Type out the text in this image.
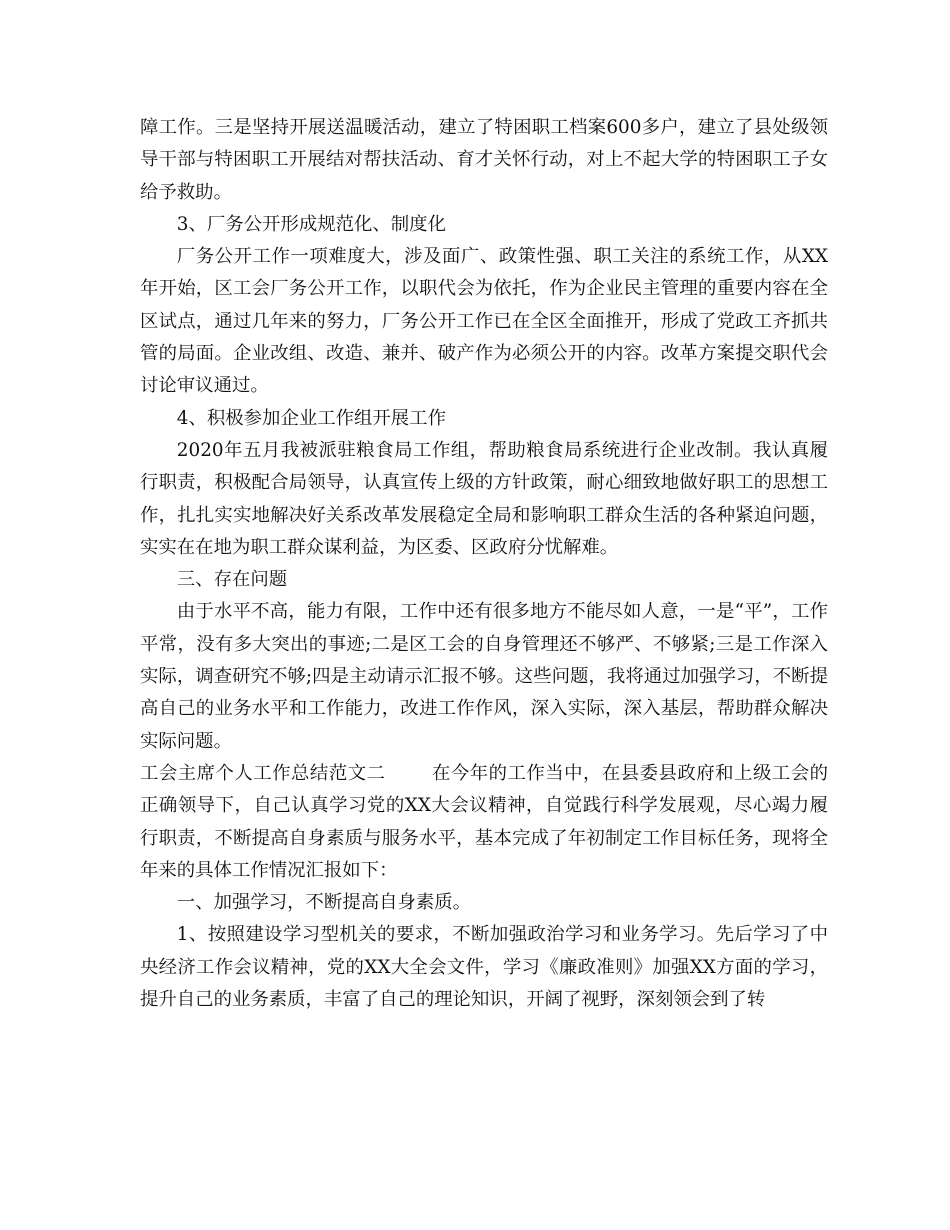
障工作。三是坚持开展送温暖活动，建立了特困职工档案600多户，建立了县处级领导干部与特困职工开展结对帮扶活动、育才关怀行动，对上不起大学的特困职工子女给予救助。

3、厂务公开形成规范化、制度化

厂务公开工作一项难度大，涉及面广、政策性强、职工关注的系统工作，从XX年开始，区工会厂务公开工作，以职代会为依托，作为企业民主管理的重要内容在全区试点，通过几年来的努力，厂务公开工作已在全区全面推开，形成了党政工齐抓共管的局面。企业改组、改造、兼并、破产作为必须公开的内容。改革方案提交职代会讨论审议通过。

4、积极参加企业工作组开展工作

2020年五月我被派驻粮食局工作组，帮助粮食局系统进行企业改制。我认真履行职责，积极配合局领导，认真宣传上级的方针政策，耐心细致地做好职工的思想工作，扎扎实实地解决好关系改革发展稳定全局和影响职工群众生活的各种紧迫问题，实实在在地为职工群众谋利益，为区委、区政府分忧解难。

三、存在问题

由于水平不高，能力有限，工作中还有很多地方不能尽如人意，一是“平”，工作平常，没有多大突出的事迹;二是区工会的自身管理还不够严、不够紧;三是工作深入实际，调查研究不够;四是主动请示汇报不够。这些问题，我将通过加强学习，不断提高自己的业务水平和工作能力，改进工作作风，深入实际，深入基层，帮助群众解决实际问题。

工会主席个人工作总结范文二	在今年的工作当中，在县委县政府和上级工会的正确领导下，自己认真学习党的XX大会议精神，自觉践行科学发展观，尽心竭力履行职责，不断提高自身素质与服务水平，基本完成了年初制定工作目标任务，现将全年来的具体工作情况汇报如下：

一、加强学习，不断提高自身素质。

1、按照建设学习型机关的要求，不断加强政治学习和业务学习。先后学习了中央经济工作会议精神，党的XX大全会文件，学习《廉政准则》加强XX方面的学习，提升自己的业务素质，丰富了自己的理论知识，开阔了视野，深刻领会到了转
